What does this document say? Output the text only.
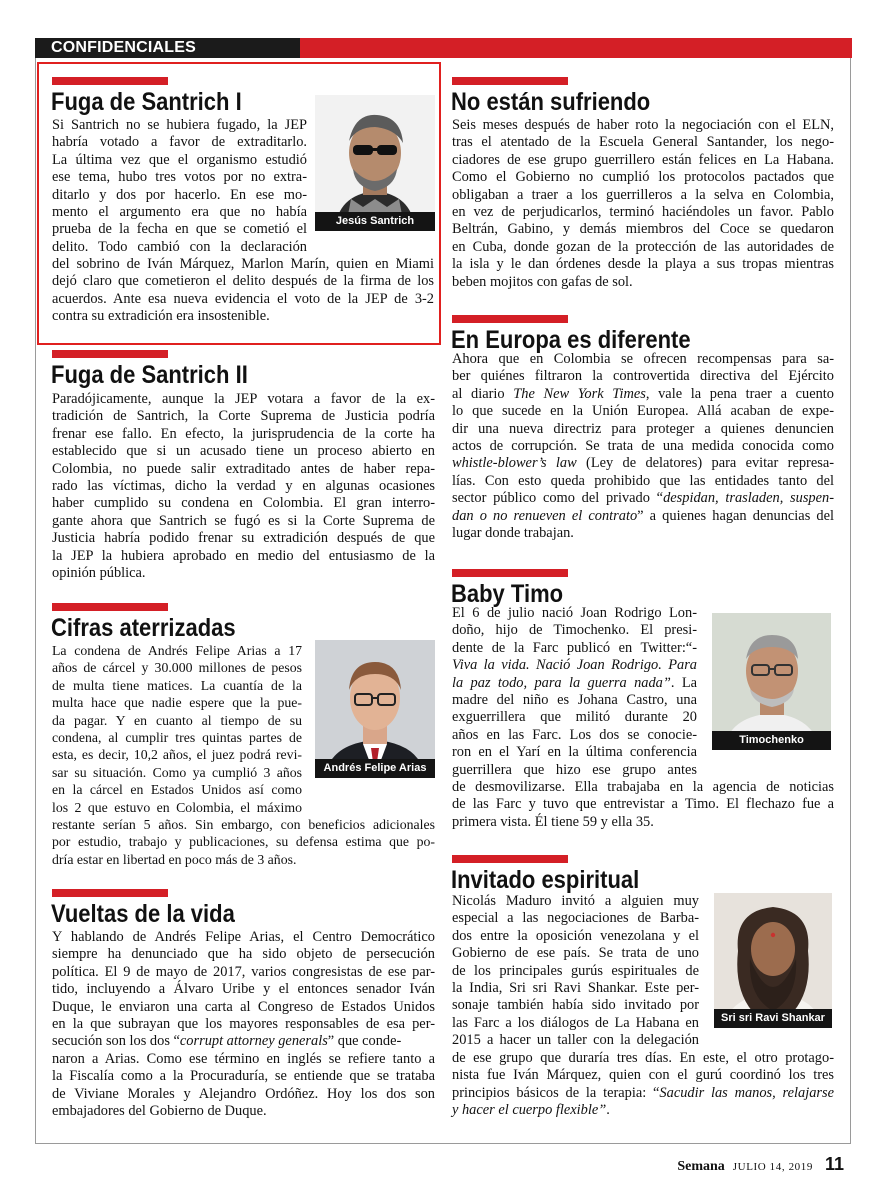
CONFIDENCIALES
Fuga de Santrich I
Si Santrich no se hubiera fugado, la JEP
habría votado a favor de extraditarlo.
La última vez que el organismo estudió
ese tema, hubo tres votos por no extra-
ditarlo y dos por hacerlo. En ese mo-
mento el argumento era que no había
prueba de la fecha en que se cometió el
delito. Todo cambió con la declaración
del sobrino de Iván Márquez, Marlon Marín, quien en Miami
dejó claro que cometieron el delito después de la firma de los
acuerdos. Ante esa nueva evidencia el voto de la JEP de 3-2
contra su extradición era insostenible.
Jesús Santrich
Fuga de Santrich II
Paradójicamente, aunque la JEP votara a favor de la ex-
tradición de Santrich, la Corte Suprema de Justicia podría
frenar ese fallo. En efecto, la jurisprudencia de la corte ha
establecido que si un acusado tiene un proceso abierto en
Colombia, no puede salir extraditado antes de haber repa-
rado las víctimas, dicho la verdad y en algunas ocasiones
haber cumplido su condena en Colombia. El gran interro-
gante ahora que Santrich se fugó es si la Corte Suprema de
Justicia habría podido frenar su extradición después de que
la JEP la hubiera aprobado en medio del entusiasmo de la
opinión pública.
Cifras aterrizadas
La condena de Andrés Felipe Arias a 17
años de cárcel y 30.000 millones de pesos
de multa tiene matices. La cuantía de la
multa hace que nadie espere que la pue-
da pagar. Y en cuanto al tiempo de su
condena, al cumplir tres quintas partes de
esta, es decir, 10,2 años, el juez podrá revi-
sar su situación. Como ya cumplió 3 años
en la cárcel en Estados Unidos así como
los 2 que estuvo en Colombia, el máximo
restante serían 5 años. Sin embargo, con beneficios adicionales
por estudio, trabajo y publicaciones, su defensa estima que po-
dría estar en libertad en poco más de 3 años.
Andrés Felipe Arias
Vueltas de la vida
Y hablando de Andrés Felipe Arias, el Centro Democrático
siempre ha denunciado que ha sido objeto de persecución
política. El 9 de mayo de 2017, varios congresistas de ese par-
tido, incluyendo a Álvaro Uribe y el entonces senador Iván
Duque, le enviaron una carta al Congreso de Estados Unidos
en la que subrayan que los mayores responsables de esa per-
secución son los dos “corrupt attorney generals” que conde-
naron a Arias. Como ese término en inglés se refiere tanto a
la Fiscalía como a la Procuraduría, se entiende que se trataba
de Viviane Morales y Alejandro Ordóñez. Hoy los dos son
embajadores del Gobierno de Duque.
No están sufriendo
Seis meses después de haber roto la negociación con el ELN,
tras el atentado de la Escuela General Santander, los nego-
ciadores de ese grupo guerrillero están felices en La Habana.
Como el Gobierno no cumplió los protocolos pactados que
obligaban a traer a los guerrilleros a la selva en Colombia,
en vez de perjudicarlos, terminó haciéndoles un favor. Pablo
Beltrán, Gabino, y demás miembros del Coce se quedaron
en Cuba, donde gozan de la protección de las autoridades de
la isla y le dan órdenes desde la playa a sus tropas mientras
beben mojitos con gafas de sol.
En Europa es diferente
Ahora que en Colombia se ofrecen recompensas para sa-
ber quiénes filtraron la controvertida directiva del Ejército
al diario The New York Times, vale la pena traer a cuento
lo que sucede en la Unión Europea. Allá acaban de expe-
dir una nueva directriz para proteger a quienes denuncien
actos de corrupción. Se trata de una medida conocida como
whistle-blower’s law (Ley de delatores) para evitar represa-
lías. Con esto queda prohibido que las entidades tanto del
sector público como del privado “despidan, trasladen, suspen-
dan o no renueven el contrato” a quienes hagan denuncias del
lugar donde trabajan.
Baby Timo
El 6 de julio nació Joan Rodrigo Lon-
doño, hijo de Timochenko. El presi-
dente de la Farc publicó en Twitter:“-
Viva la vida. Nació Joan Rodrigo. Para
la paz todo, para la guerra nada”. La
madre del niño es Johana Castro, una
exguerrillera que militó durante 20
años en las Farc. Los dos se conocie-
ron en el Yarí en la última conferencia
guerrillera que hizo ese grupo antes
de desmovilizarse. Ella trabajaba en la agencia de noticias
de las Farc y tuvo que entrevistar a Timo. El flechazo fue a
primera vista. Él tiene 59 y ella 35.
Timochenko
Invitado espiritual
Nicolás Maduro invitó a alguien muy
especial a las negociaciones de Barba-
dos entre la oposición venezolana y el
Gobierno de ese país. Se trata de uno
de los principales gurús espirituales de
la India, Sri sri Ravi Shankar. Este per-
sonaje también había sido invitado por
las Farc a los diálogos de La Habana en
2015 a hacer un taller con la delegación
de ese grupo que duraría tres días. En este, el otro protago-
nista fue Iván Márquez, quien con el gurú coordinó los tres
principios básicos de la terapia: “Sacudir las manos, relajarse
y hacer el cuerpo flexible”.
Sri sri Ravi Shankar
Semana JULIO 14, 2019 11
